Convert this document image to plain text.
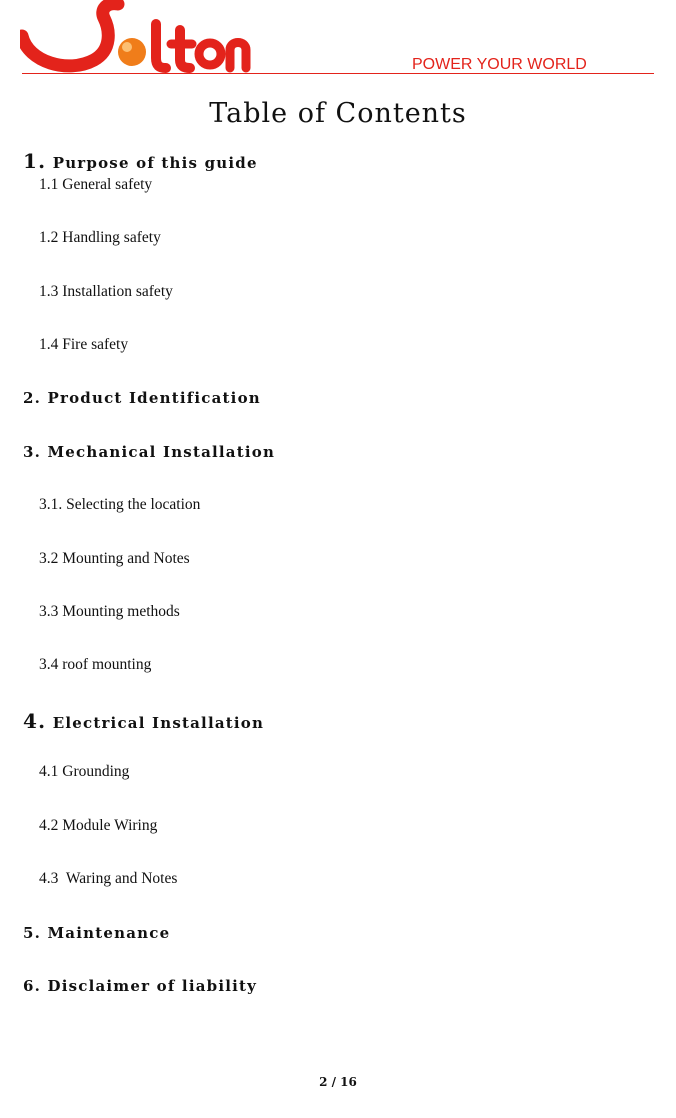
POWER YOUR WORLD
Table of Contents
1. Purpose of this guide
1.1 General safety
1.2 Handling safety
1.3 Installation safety
1.4 Fire safety
2. Product Identification
3. Mechanical Installation
3.1. Selecting the location
3.2 Mounting and Notes
3.3 Mounting methods
3.4 roof mounting
4. Electrical Installation
4.1 Grounding
4.2 Module Wiring
4.3  Waring and Notes
5. Maintenance
6. Disclaimer of liability
2 / 16
